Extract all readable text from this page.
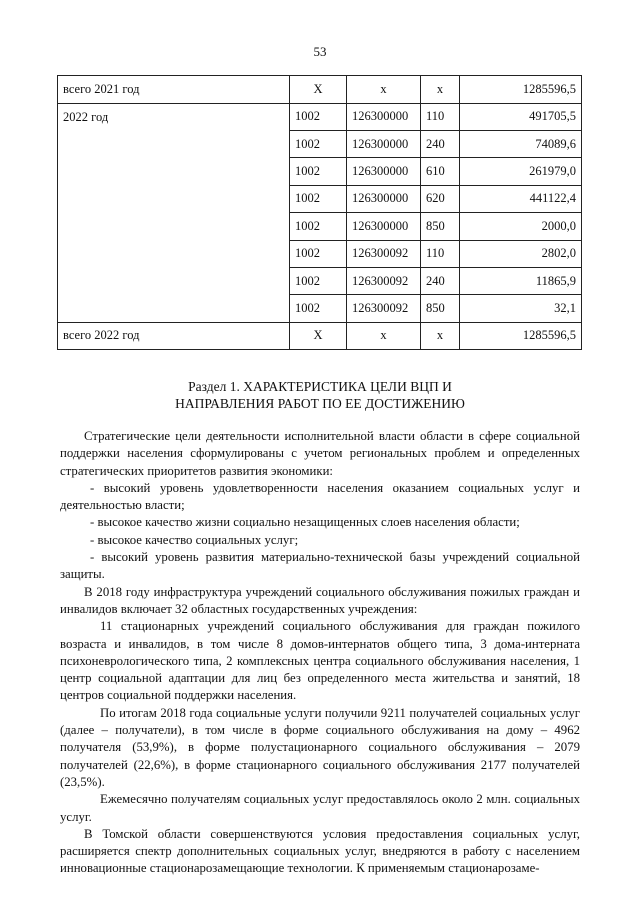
53
всего 2021 год	Х	х	х	1285596,5
2022 год	1002	126300000	110	491705,5
	1002	126300000	240	74089,6
	1002	126300000	610	261979,0
	1002	126300000	620	441122,4
	1002	126300000	850	2000,0
	1002	126300092	110	2802,0
	1002	126300092	240	11865,9
	1002	126300092	850	32,1
всего 2022 год	Х	х	х	1285596,5
Раздел 1. ХАРАКТЕРИСТИКА ЦЕЛИ ВЦП И
НАПРАВЛЕНИЯ РАБОТ ПО ЕЕ ДОСТИЖЕНИЮ

Стратегические цели деятельности исполнительной власти области в сфере социальной поддержки населения сформулированы с учетом региональных проблем и определенных стратегических приоритетов развития экономики:

- высокий уровень удовлетворенности населения оказанием социальных услуг и деятельностью власти;

- высокое качество жизни социально незащищенных слоев населения области;

- высокое качество социальных услуг;

- высокий уровень развития материально-технической базы учреждений социальной защиты.

В 2018 году инфраструктура учреждений социального обслуживания пожилых граждан и инвалидов включает 32 областных государственных учреждения:

11 стационарных учреждений социального обслуживания для граждан пожилого возраста и инвалидов, в том числе 8 домов-интернатов общего типа, 3 дома-интерната психоневрологического типа, 2 комплексных центра социального обслуживания населения, 1 центр социальной адаптации для лиц без определенного места жительства и занятий, 18 центров социальной поддержки населения.

По итогам 2018 года социальные услуги получили 9211 получателей социальных услуг (далее – получатели), в том числе в форме социального обслуживания на дому – 4962 получателя (53,9%), в форме полустационарного социального обслуживания – 2079 получателей (22,6%), в форме стационарного социального обслуживания 2177 получателей (23,5%).

Ежемесячно получателям социальных услуг предоставлялось около 2 млн. социальных услуг.

В Томской области совершенствуются условия предоставления социальных услуг, расширяется спектр дополнительных социальных услуг, внедряются в работу с населением инновационные стационарозамещающие технологии. К применяемым стационарозаме-
